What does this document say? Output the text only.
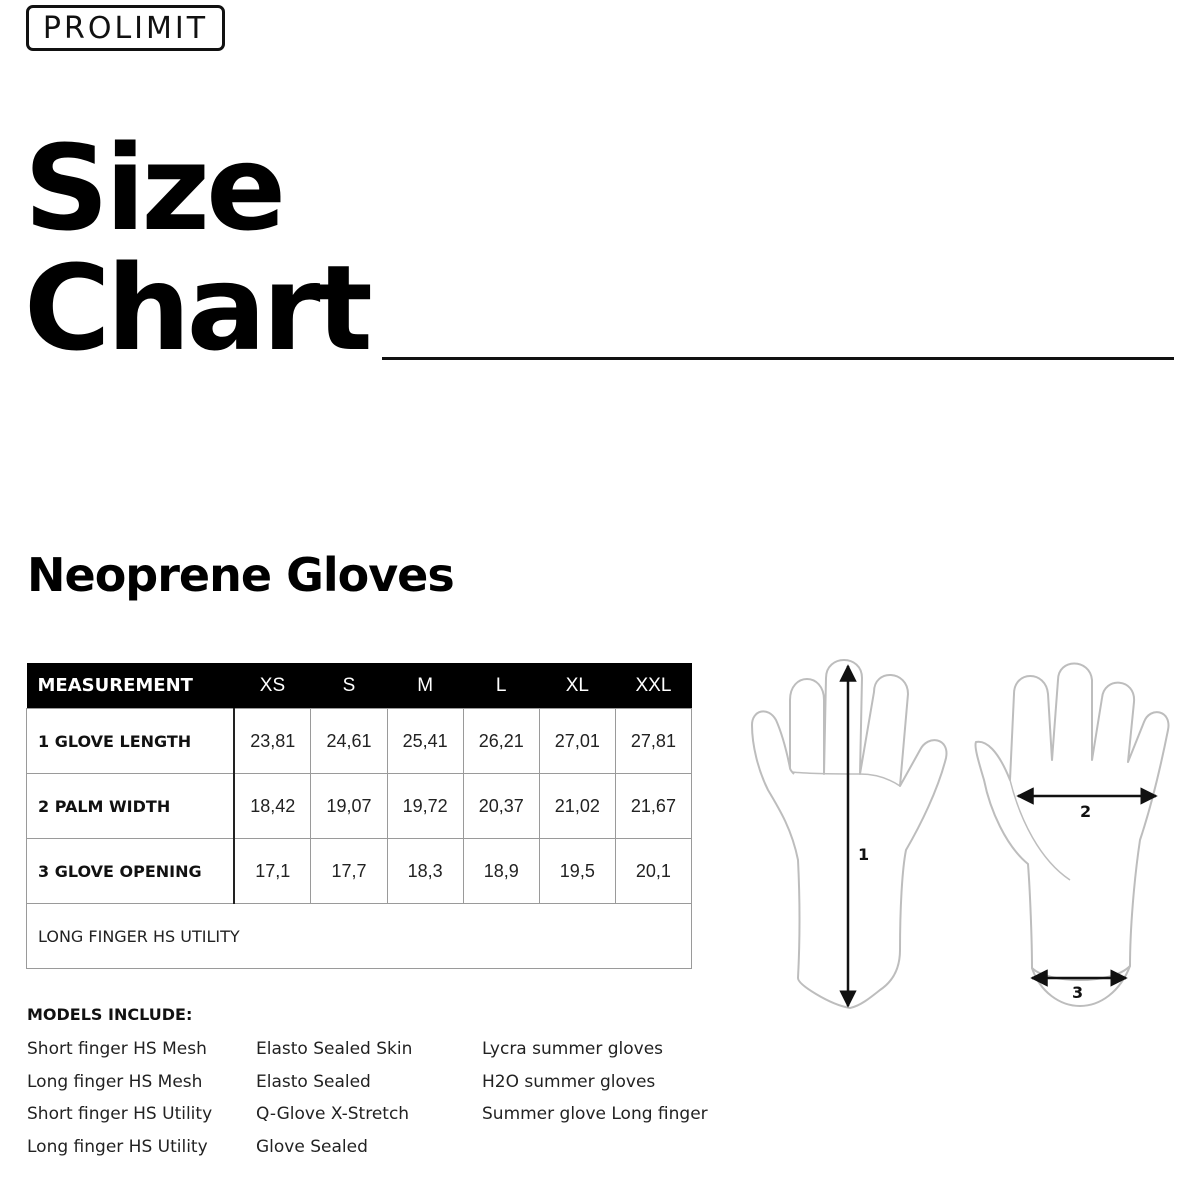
PROLIMIT
Size
Chart
Neoprene Gloves
MEASUREMENT	XS	S	M	L	XL	XXL
1 GLOVE LENGTH	23,81	24,61	25,41	26,21	27,01	27,81
2 PALM WIDTH	18,42	19,07	19,72	20,37	21,02	21,67
3 GLOVE OPENING	17,1	17,7	18,3	18,9	19,5	20,1
LONG FINGER HS UTILITY						
MODELS INCLUDE:
Short finger HS Mesh
Long finger HS Mesh
Short finger HS Utility
Long finger HS Utility
Elasto Sealed Skin
Elasto Sealed
Q-Glove X-Stretch
Glove Sealed
Lycra summer gloves
H2O summer gloves
Summer glove Long finger
1
2
3
